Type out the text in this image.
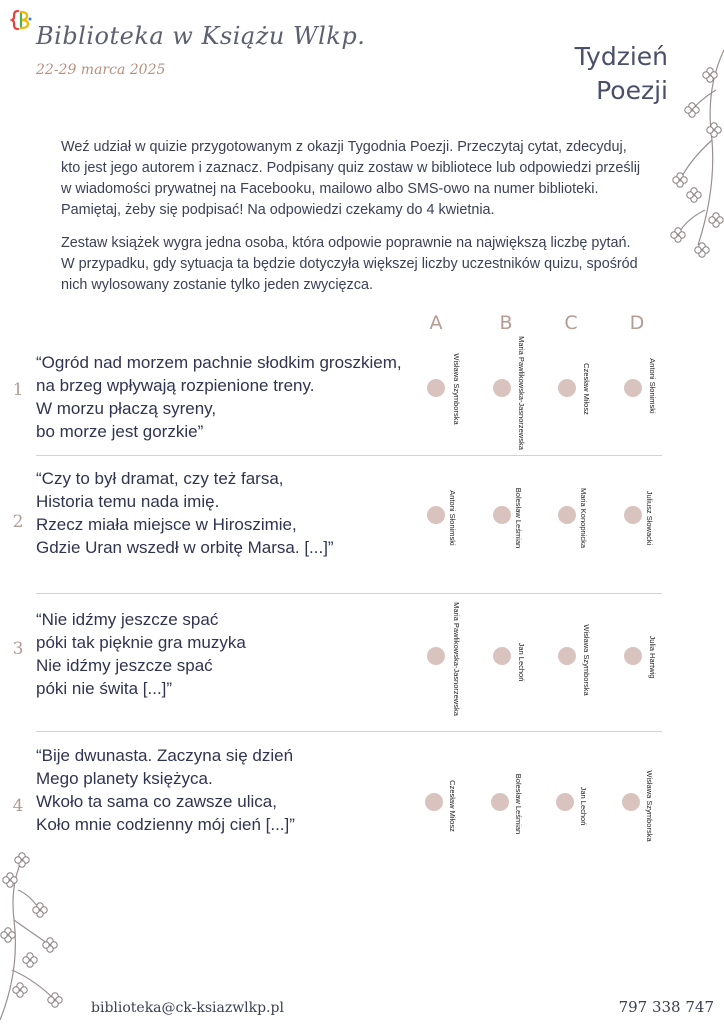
Biblioteka w Książu Wlkp.
22-29 marca 2025	Tydzień
Poezji
Weź udział w quizie przygotowanym z okazji Tygodnia Poezji. Przeczytaj cytat, zdecyduj, kto jest jego autorem i zaznacz. Podpisany quiz zostaw w bibliotece lub odpowiedzi prześlij w wiadomości prywatnej na Facebooku, mailowo albo SMS-owo na numer biblioteki. Pamiętaj, żeby się podpisać! Na odpowiedzi czekamy do 4 kwietnia.
Zestaw książek wygra jedna osoba, która odpowie poprawnie na największą liczbę pytań. W przypadku, gdy sytuacja ta będzie dotyczyła większej liczby uczestników quizu, spośród nich wylosowany zostanie tylko jeden zwycięzca.
A	B	C	D
1
“Ogród nad morzem pachnie słodkim groszkiem,
na brzeg wpływają rozpienione treny.
W morzu płaczą syreny,
bo morze jest gorzkie”
Wisława Szymborska	Maria Pawlikowska-Jasnorzewska	Czesław Miłosz	Antoni Słonimski
2
“Czy to był dramat, czy też farsa,
Historia temu nada imię.
Rzecz miała miejsce w Hiroszimie,
Gdzie Uran wszedł w orbitę Marsa. [...]”
Antoni Słonimski	Bolesław Leśmian	Maria Konopnicka	Juliusz Słowacki
3
“Nie idźmy jeszcze spać
póki tak pięknie gra muzyka
Nie idźmy jeszcze spać
póki nie świta [...]”	Maria Pawlikowska-Jasnorzewska	Jan Lechoń	Wisława Szymborska	Julia Hartwig
4
“Bije dwunasta. Zaczyna się dzień
Mego planety księżyca.
Wkoło ta sama co zawsze ulica,
Koło mnie codzienny mój cień [...]”	Czesław Miłosz	Bolesław Leśmian	Jan Lechoń	Wisława Szymborska
biblioteka@ck-ksiazwlkp.pl	797 338 747
